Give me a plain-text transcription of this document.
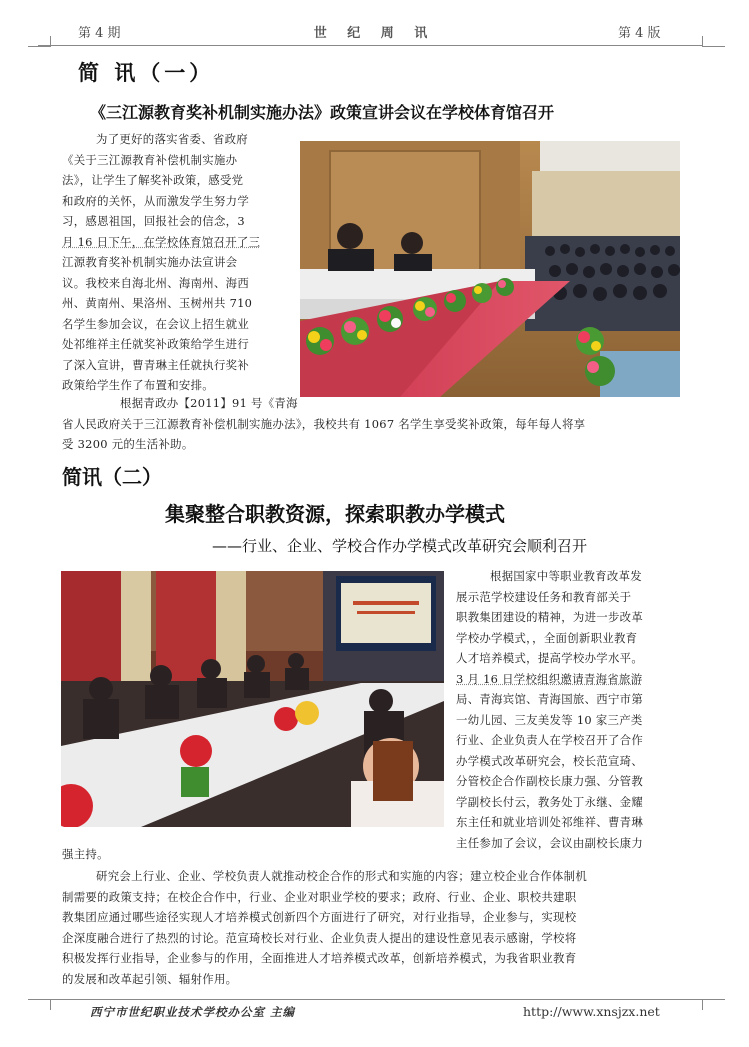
第 4 期	世 纪 周 讯	第 4 版
简 讯（一）
《三江源教育奖补机制实施办法》政策宣讲会议在学校体育馆召开
为了更好的落实省委、省政府
《关于三江源教育补偿机制实施办
法》，让学生了解奖补政策，感受党
和政府的关怀，从而激发学生努力学
习，感恩祖国，回报社会的信念，3
月 16 日下午，在学校体育馆召开了三
江源教育奖补机制实施办法宣讲会
议。我校来自海北州、海南州、海西
州、黄南州、果洛州、玉树州共 710
名学生参加会议，在会议上招生就业
处祁维祥主任就奖补政策给学生进行
了深入宣讲，曹青琳主任就执行奖补
政策给学生作了布置和安排。
根据青政办【2011】91 号《青海
省人民政府关于三江源教育补偿机制实施办法》，我校共有 1067 名学生享受奖补政策，每年每人将享
受 3200 元的生活补助。
简讯（二）
集聚整合职教资源，探索职教办学模式
——行业、企业、学校合作办学模式改革研究会顺利召开
根据国家中等职业教育改革发
展示范学校建设任务和教育部关于
职教集团建设的精神，为进一步改革
学校办学模式，，全面创新职业教育
人才培养模式，提高学校办学水平。
3 月 16 日学校组织邀请青海省旅游
局、青海宾馆、青海国旅、西宁市第
一幼儿园、三友美发等 10 家三产类
行业、企业负责人在学校召开了合作
办学模式改革研究会，校长范宣琦、
分管校企合作副校长康力强、分管教
学副校长付云，教务处丁永继、金耀
东主任和就业培训处祁维祥、曹青琳
主任参加了会议，会议由副校长康力
强主持。
研究会上行业、企业、学校负责人就推动校企合作的形式和实施的内容；建立校企业合作体制机
制需要的政策支持；在校企合作中，行业、企业对职业学校的要求；政府、行业、企业、职校共建职
教集团应通过哪些途径实现人才培养模式创新四个方面进行了研究，对行业指导，企业参与，实现校
企深度融合进行了热烈的讨论。范宣琦校长对行业、企业负责人提出的建设性意见表示感谢，学校将
积极发挥行业指导，企业参与的作用，全面推进人才培养模式改革，创新培养模式，为我省职业教育
的发展和改革起引领、辐射作用。
西宁市世纪职业技术学校办公室 主编	http://www.xnsjzx.net
